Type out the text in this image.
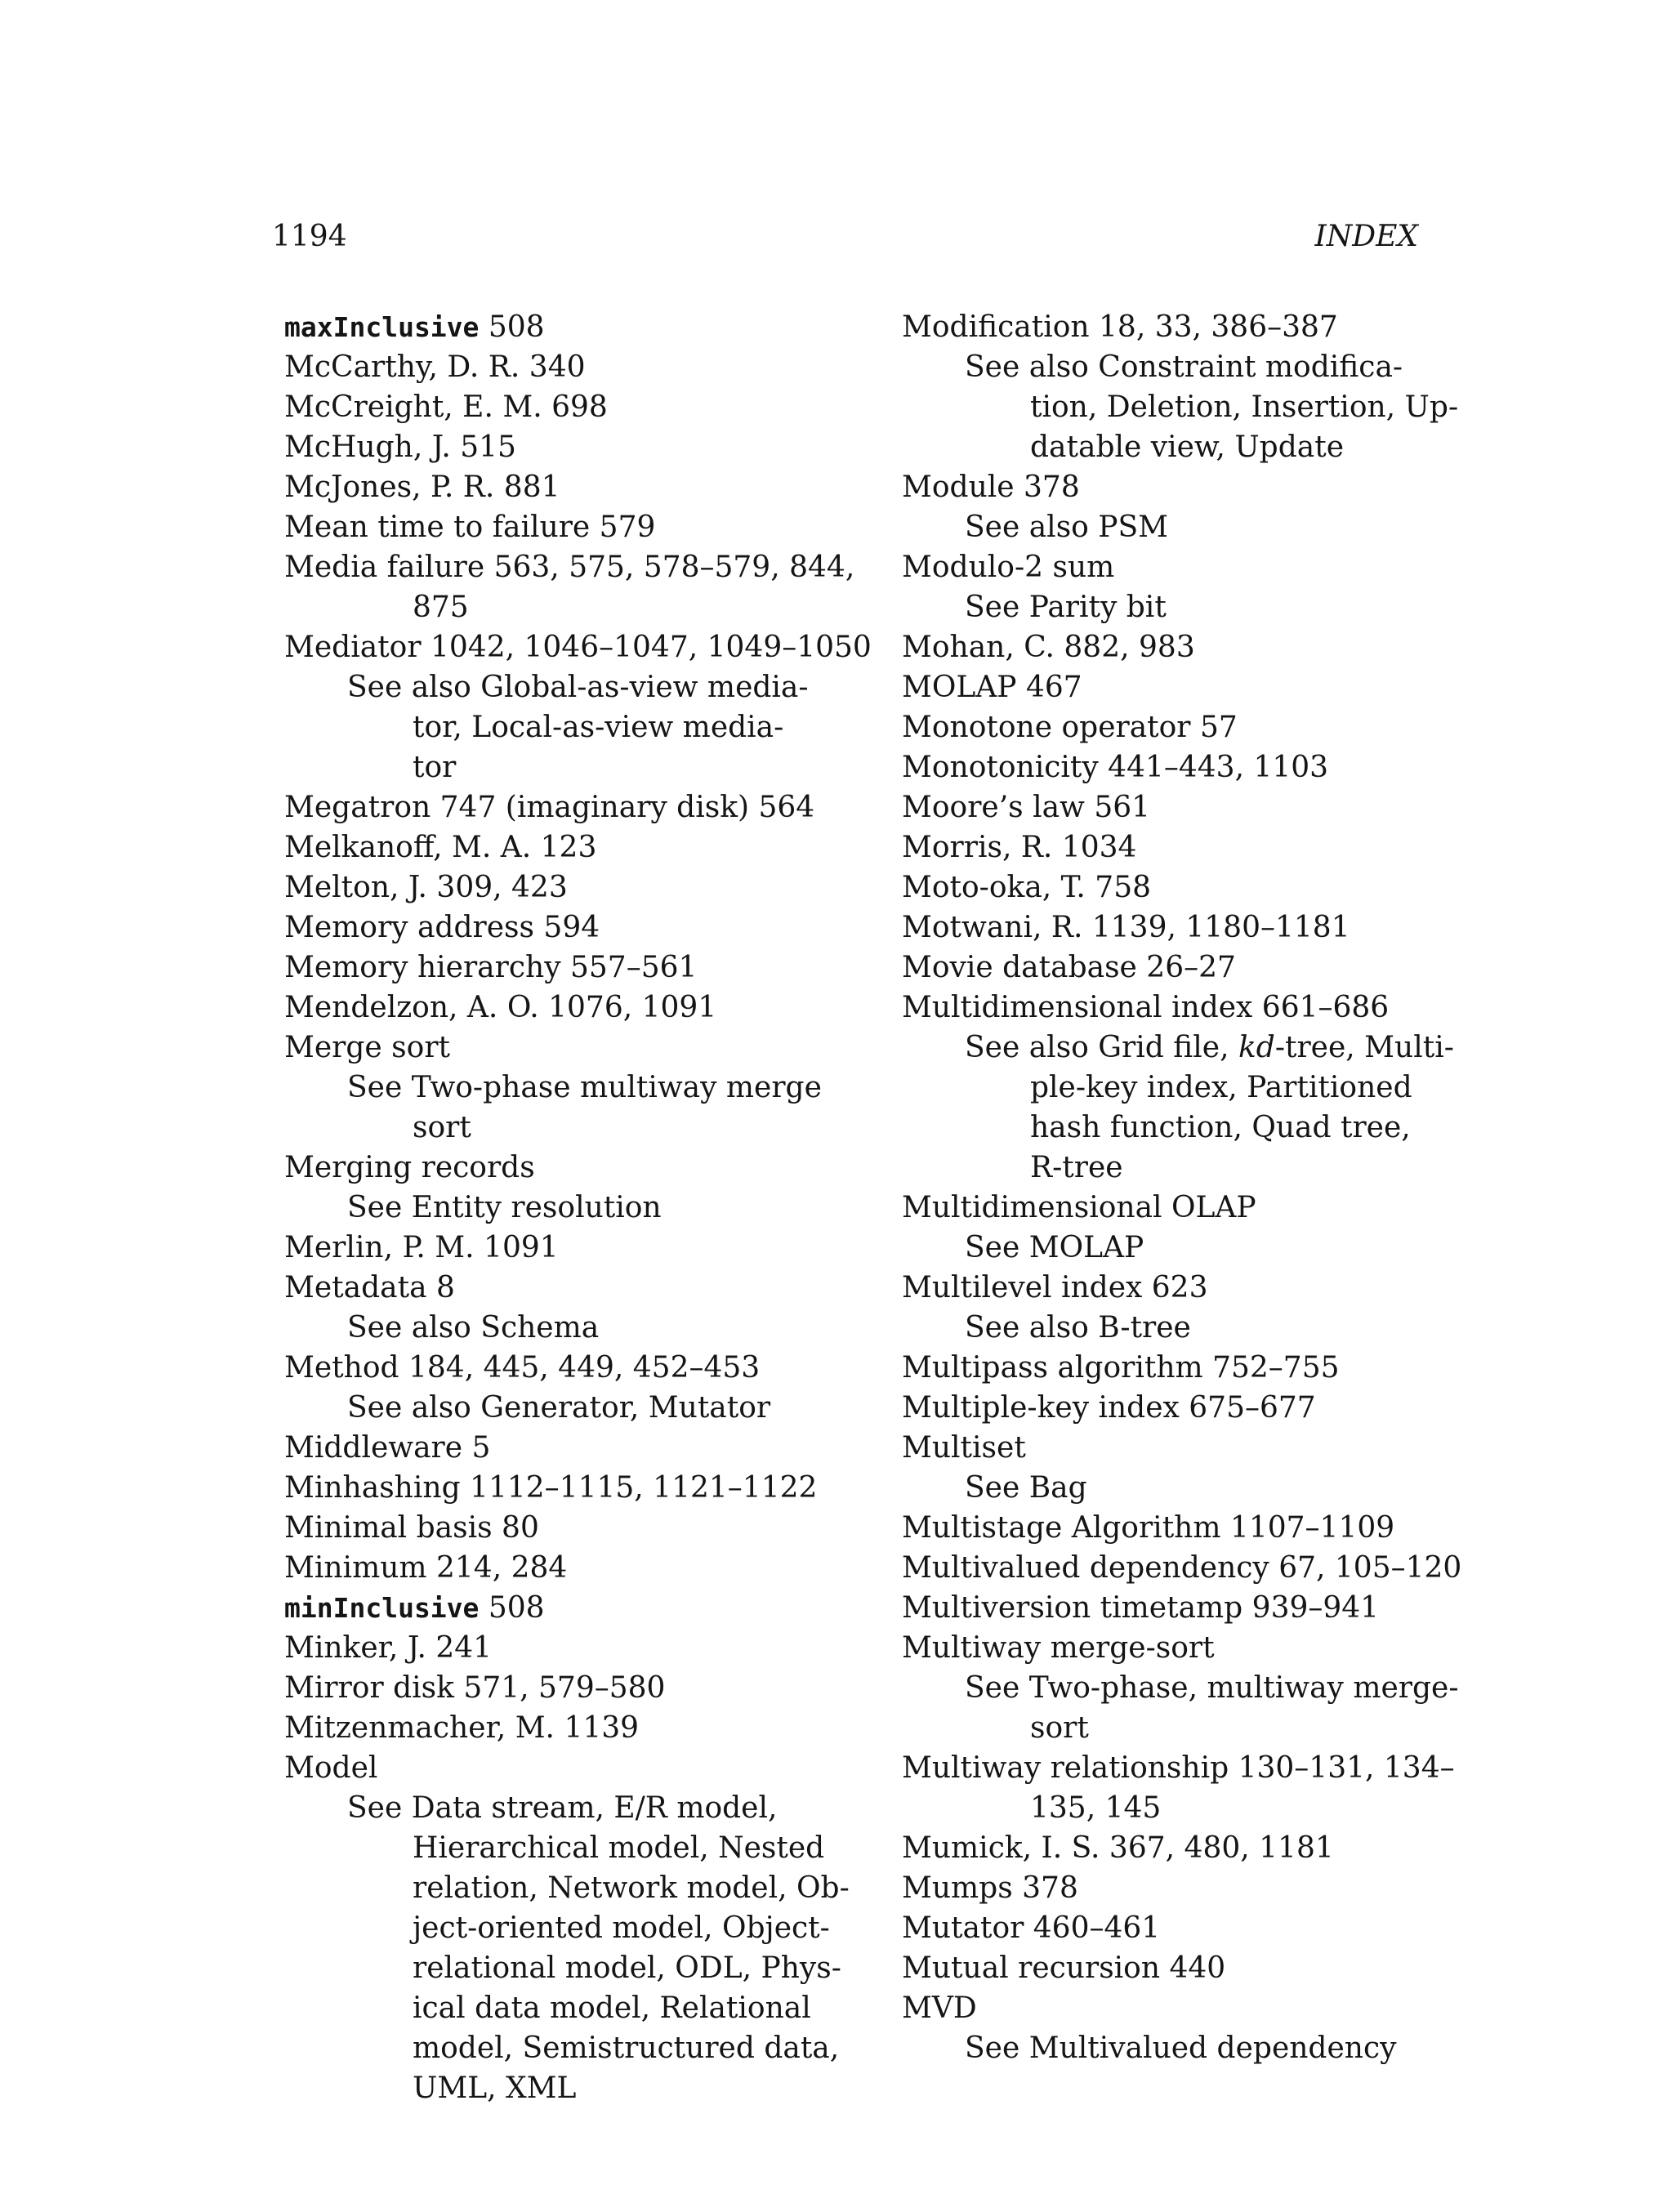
1194	INDEX
maxInclusive 508
McCarthy, D. R. 340
McCreight, E. M. 698
McHugh, J. 515
McJones, P. R. 881
Mean time to failure 579
Media failure 563, 575, 578–579, 844,
875
Mediator 1042, 1046–1047, 1049–1050
See also Global-as-view media-
tor, Local-as-view media-
tor
Megatron 747 (imaginary disk) 564
Melkanoff, M. A. 123
Melton, J. 309, 423
Memory address 594
Memory hierarchy 557–561
Mendelzon, A. O. 1076, 1091
Merge sort
See Two-phase multiway merge
sort
Merging records
See Entity resolution
Merlin, P. M. 1091
Metadata 8
See also Schema
Method 184, 445, 449, 452–453
See also Generator, Mutator
Middleware 5
Minhashing 1112–1115, 1121–1122
Minimal basis 80
Minimum 214, 284
minInclusive 508
Minker, J. 241
Mirror disk 571, 579–580
Mitzenmacher, M. 1139
Model
See Data stream, E/R model,
Hierarchical model, Nested
relation, Network model, Ob-
ject-oriented model, Object-
relational model, ODL, Phys-
ical data model, Relational
model, Semistructured data,
UML, XML
Modification 18, 33, 386–387
See also Constraint modifica-
tion, Deletion, Insertion, Up-
datable view, Update
Module 378
See also PSM
Modulo-2 sum
See Parity bit
Mohan, C. 882, 983
MOLAP 467
Monotone operator 57
Monotonicity 441–443, 1103
Moore’s law 561
Morris, R. 1034
Moto-oka, T. 758
Motwani, R. 1139, 1180–1181
Movie database 26–27
Multidimensional index 661–686
See also Grid file, kd-tree, Multi-
ple-key index, Partitioned
hash function, Quad tree,
R-tree
Multidimensional OLAP
See MOLAP
Multilevel index 623
See also B-tree
Multipass algorithm 752–755
Multiple-key index 675–677
Multiset
See Bag
Multistage Algorithm 1107–1109
Multivalued dependency 67, 105–120
Multiversion timetamp 939–941
Multiway merge-sort
See Two-phase, multiway merge-
sort
Multiway relationship 130–131, 134–
135, 145
Mumick, I. S. 367, 480, 1181
Mumps 378
Mutator 460–461
Mutual recursion 440
MVD
See Multivalued dependency
